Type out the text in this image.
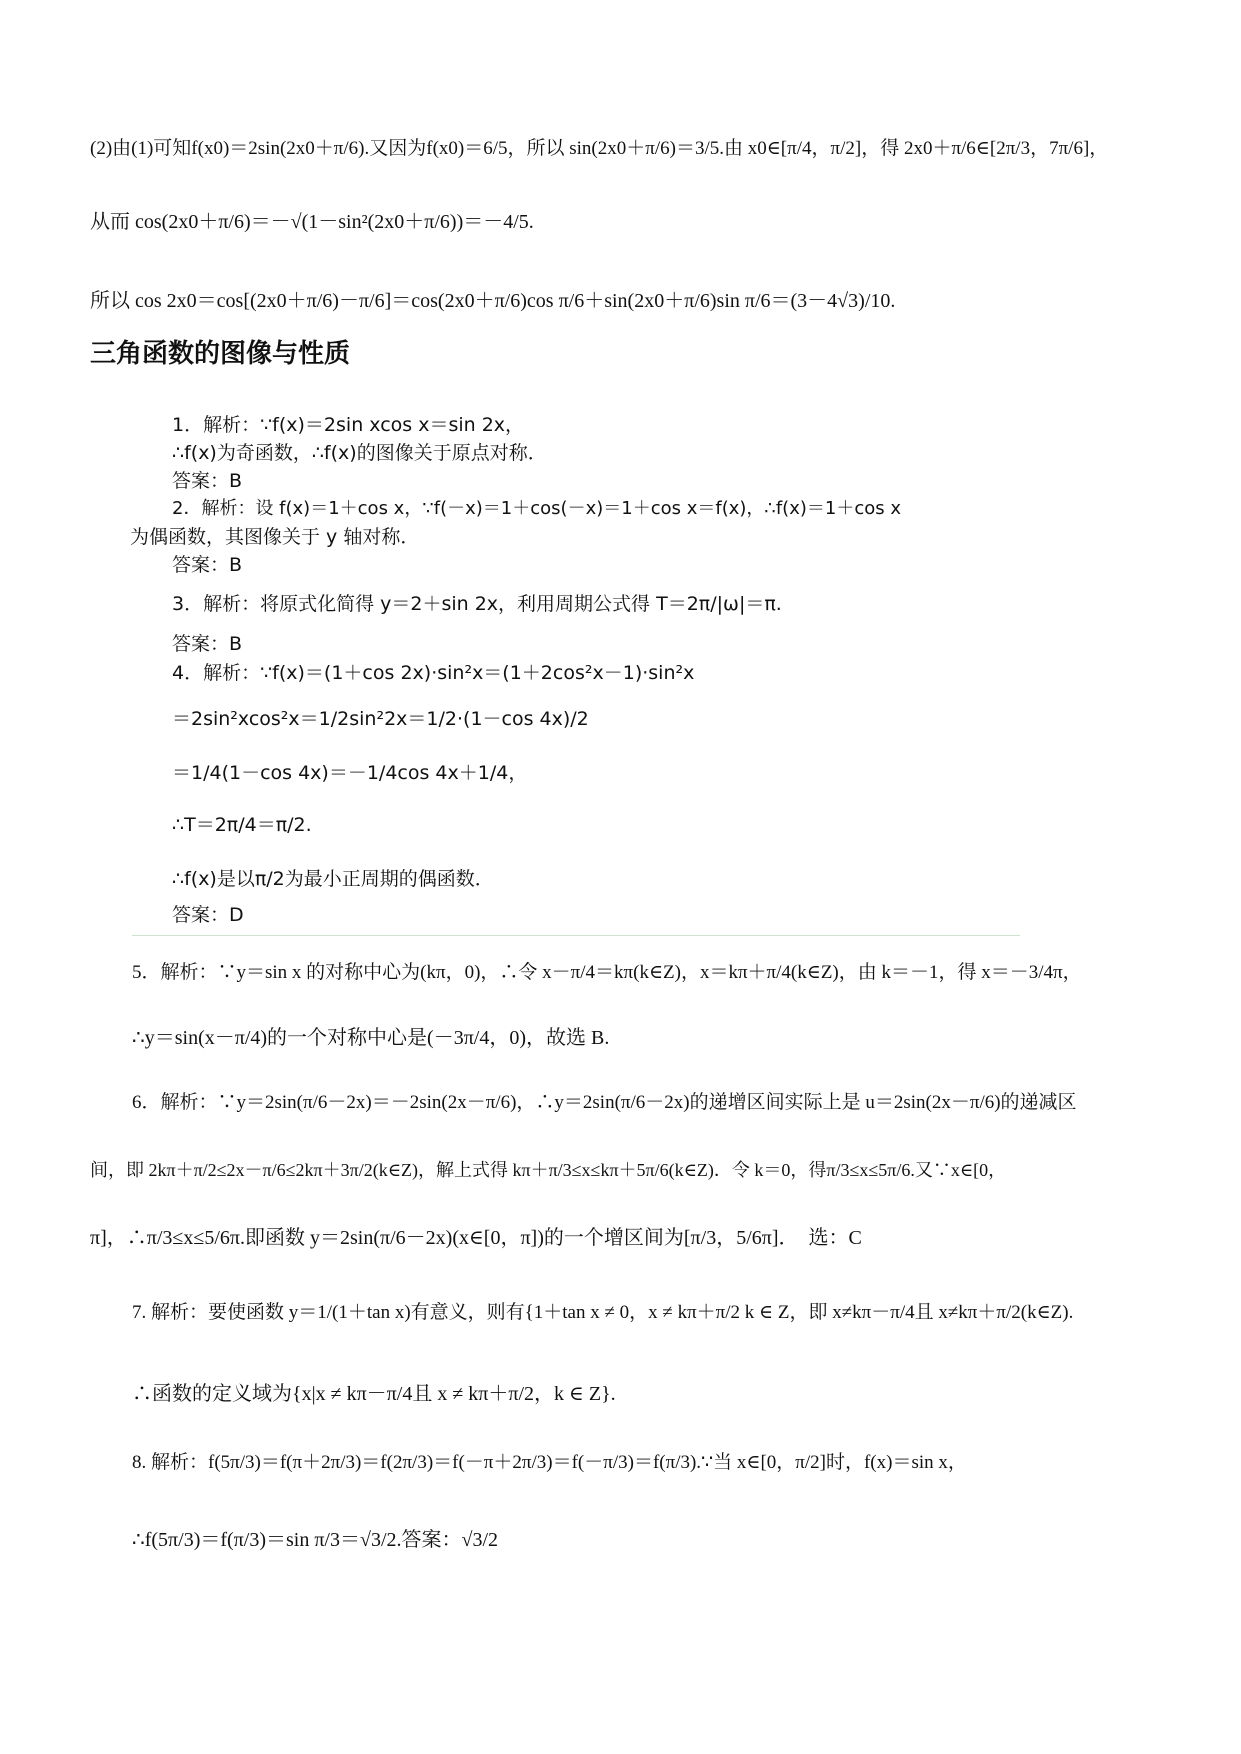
(2)由(1)可知f(x0)＝2sin(2x0＋π/6).又因为f(x0)＝6/5，所以 sin(2x0＋π/6)＝3/5.由 x0∈[π/4，π/2]，得 2x0＋π/6∈[2π/3，7π/6]，
从而 cos(2x0＋π/6)＝－√(1－sin²(2x0＋π/6))＝－4/5.
所以 cos 2x0＝cos[(2x0＋π/6)－π/6]＝cos(2x0＋π/6)cos π/6＋sin(2x0＋π/6)sin π/6＝(3－4√3)/10.
三角函数的图像与性质
1．解析：∵f(x)＝2sin xcos x＝sin 2x，
∴f(x)为奇函数，∴f(x)的图像关于原点对称．
答案：B
2．解析：设 f(x)＝1＋cos x，∵f(－x)＝1＋cos(－x)＝1＋cos x＝f(x)，∴f(x)＝1＋cos x
为偶函数，其图像关于 y 轴对称．
答案：B
3．解析：将原式化简得 y＝2＋sin 2x，利用周期公式得 T＝2π/|ω|＝π.
答案：B
4．解析：∵f(x)＝(1＋cos 2x)·sin²x＝(1＋2cos²x－1)·sin²x
＝2sin²xcos²x＝1/2sin²2x＝1/2·(1－cos 4x)/2
＝1/4(1－cos 4x)＝－1/4cos 4x＋1/4，
∴T＝2π/4＝π/2.
∴f(x)是以π/2为最小正周期的偶函数．
答案：D
5．解析：∵y＝sin x 的对称中心为(kπ，0)，∴令 x－π/4＝kπ(k∈Z)，x＝kπ＋π/4(k∈Z)，由 k＝－1，得 x＝－3/4π，
∴y＝sin(x－π/4)的一个对称中心是(－3π/4，0)，故选 B.
6．解析：∵y＝2sin(π/6－2x)＝－2sin(2x－π/6)，∴y＝2sin(π/6－2x)的递增区间实际上是 u＝2sin(2x－π/6)的递减区
间，即 2kπ＋π/2≤2x－π/6≤2kπ＋3π/2(k∈Z)，解上式得 kπ＋π/3≤x≤kπ＋5π/6(k∈Z)．令 k＝0，得π/3≤x≤5π/6.又∵x∈[0，
π]，∴π/3≤x≤5/6π.即函数 y＝2sin(π/6－2x)(x∈[0，π])的一个增区间为[π/3，5/6π]．　选：C
7. 解析：要使函数 y＝1/(1＋tan x)有意义，则有{1＋tan x ≠ 0，x ≠ kπ＋π/2 k ∈ Z，即 x≠kπ－π/4且 x≠kπ＋π/2(k∈Z).
∴函数的定义域为{x|x ≠ kπ－π/4且 x ≠ kπ＋π/2，k ∈ Z}.
8. 解析：f(5π/3)＝f(π＋2π/3)＝f(2π/3)＝f(－π＋2π/3)＝f(－π/3)＝f(π/3).∵当 x∈[0，π/2]时，f(x)＝sin x，
∴f(5π/3)＝f(π/3)＝sin π/3＝√3/2.答案：√3/2
